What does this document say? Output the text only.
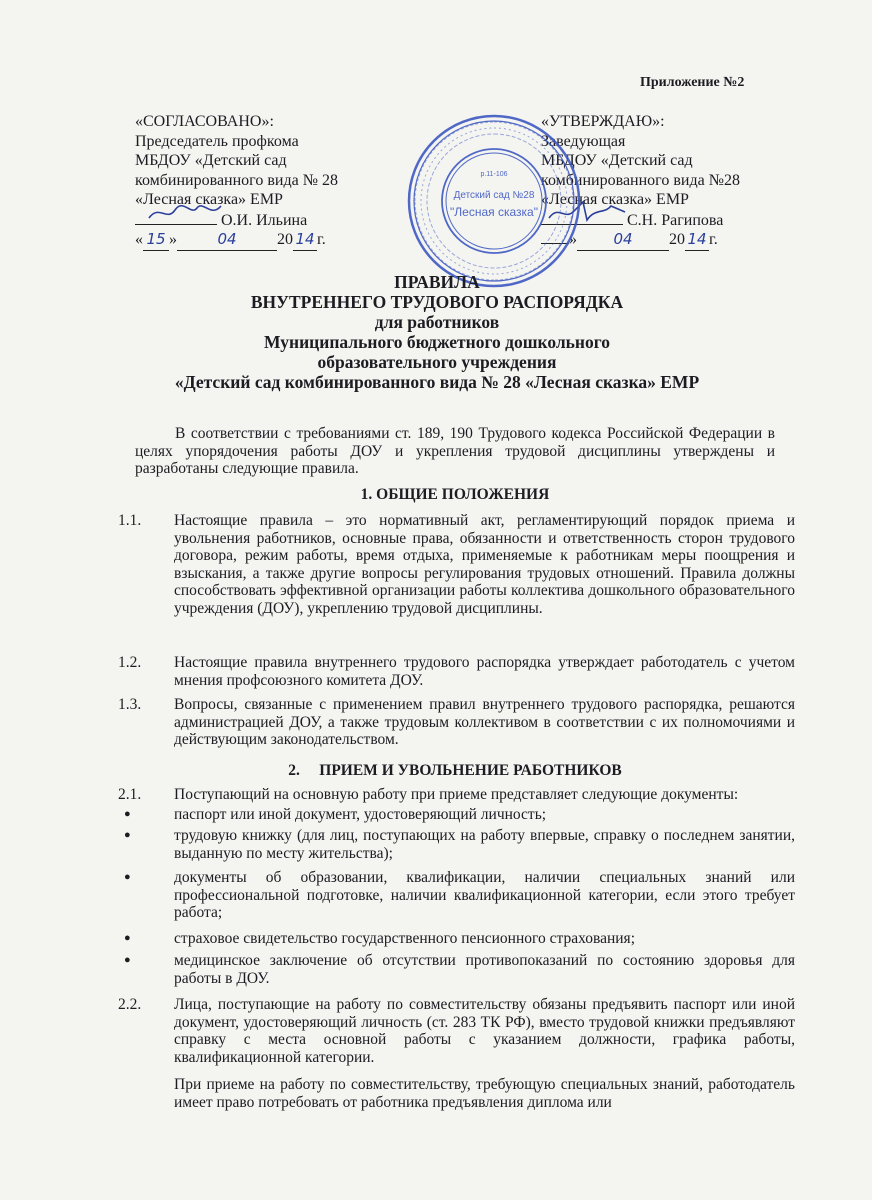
Приложение №2
«СОГЛАСОВАНО»:
Председатель профкома
МБДОУ «Детский сад
комбинированного вида № 28
«Лесная сказка» ЕМР
О.И. Ильина
« 15 »	04	20 14 г.
«УТВЕРЖДАЮ»:
Заведующая
МБДОУ «Детский сад
комбинированного вида №28
«Лесная сказка» ЕМР
С.Н. Рагипова
» 04 20 14 г.
р.11-106
Детский сад №28
"Лесная сказка"
ПРАВИЛА
ВНУТРЕННЕГО ТРУДОВОГО РАСПОРЯДКА
для работников
Муниципального бюджетного дошкольного
образовательного учреждения
«Детский сад комбинированного вида № 28 «Лесная сказка» ЕМР
В соответствии с требованиями ст. 189, 190 Трудового кодекса Российской Федерации в целях упорядочения работы ДОУ и укрепления трудовой дисциплины утверждены и разработаны следующие правила.
1. ОБЩИЕ ПОЛОЖЕНИЯ
1.1. Настоящие правила – это нормативный акт, регламентирующий порядок приема и увольнения работников, основные права, обязанности и ответственность сторон трудового договора, режим работы, время отдыха, применяемые к работникам меры поощрения и взыскания, а также другие вопросы регулирования трудовых отношений. Правила должны способствовать эффективной организации работы коллектива дошкольного образовательного учреждения (ДОУ), укреплению трудовой дисциплины.
1.2. Настоящие правила внутреннего трудового распорядка утверждает работодатель с учетом мнения профсоюзного комитета ДОУ.
1.3. Вопросы, связанные с применением правил внутреннего трудового распорядка, решаются администрацией ДОУ, а также трудовым коллективом в соответствии с их полномочиями и действующим законодательством.
2.     ПРИЕМ И УВОЛЬНЕНИЕ РАБОТНИКОВ
2.1. Поступающий на основную работу при приеме представляет следующие документы:
●	паспорт или иной документ, удостоверяющий личность;
●	трудовую книжку (для лиц, поступающих на работу впервые, справку о последнем занятии, выданную по месту жительства);
●	документы об образовании, квалификации, наличии специальных знаний или профессиональной подготовке, наличии квалификационной категории, если этого требует работа;
●	страховое свидетельство государственного пенсионного страхования;
●	медицинское заключение об отсутствии противопоказаний по состоянию здоровья для работы в ДОУ.
2.2. Лица, поступающие на работу по совместительству обязаны предъявить паспорт или иной документ, удостоверяющий личность (ст. 283 ТК РФ), вместо трудовой книжки предъявляют справку с места основной работы с указанием должности, графика работы, квалификационной категории.
При приеме на работу по совместительству, требующую специальных знаний, работодатель имеет право потребовать от работника предъявления диплома или
